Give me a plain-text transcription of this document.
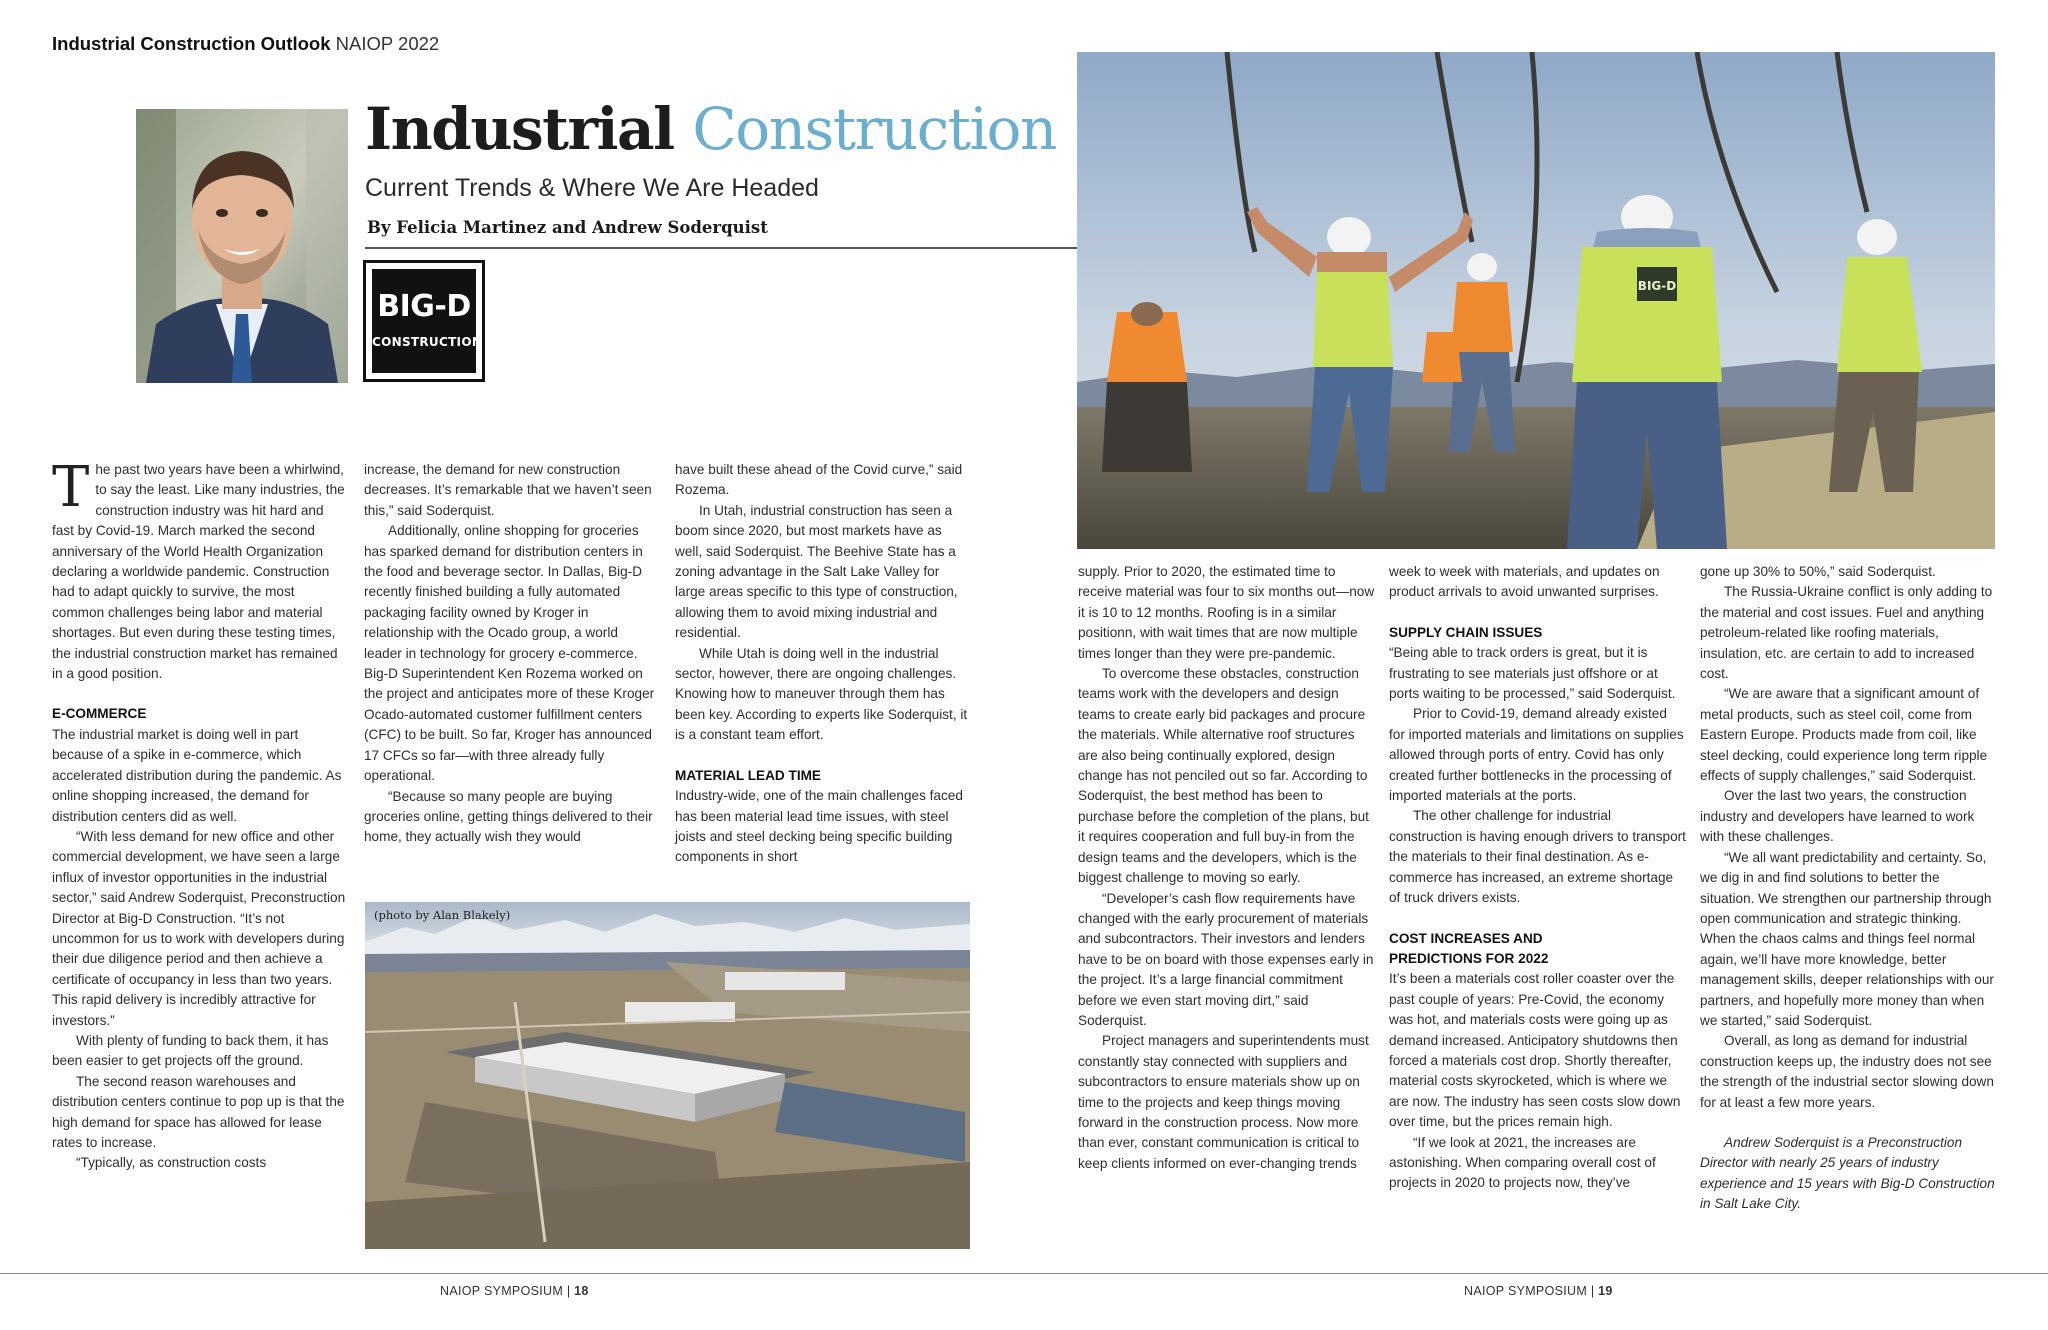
Industrial Construction Outlook NAIOP 2022
Industrial Construction
Current Trends & Where We Are Headed
By Felicia Martinez and Andrew Soderquist
BIG-D
CONSTRUCTION
BIG-D
(photo by Alan Blakely)

The past two years have been a whirlwind, to say the least. Like many industries, the construction industry was hit hard and fast by Covid-19. March marked the second anniversary of the World Health Organization declaring a worldwide pandemic. Construction had to adapt quickly to survive, the most common challenges being labor and material shortages. But even during these testing times, the industrial construction market has remained in a good position.

E-COMMERCE

The industrial market is doing well in part because of a spike in e-commerce, which accelerated distribution during the pandemic. As online shopping increased, the demand for distribution centers did as well.

“With less demand for new office and other commercial development, we have seen a large influx of investor opportunities in the industrial sector,” said Andrew Soderquist, Preconstruction Director at Big-D Construction. “It’s not uncommon for us to work with developers during their due diligence period and then achieve a certificate of occupancy in less than two years. This rapid delivery is incredibly attractive for investors.”

With plenty of funding to back them, it has been easier to get projects off the ground.

The second reason warehouses and distribution centers continue to pop up is that the high demand for space has allowed for lease rates to increase.

“Typically, as construction costs

increase, the demand for new construction decreases. It’s remarkable that we haven’t seen this,” said Soderquist.

Additionally, online shopping for groceries has sparked demand for distribution centers in the food and beverage sector. In Dallas, Big-D recently finished building a fully automated packaging facility owned by Kroger in relationship with the Ocado group, a world leader in technology for grocery e-commerce. Big-D Superintendent Ken Rozema worked on the project and anticipates more of these Kroger Ocado-automated customer fulfillment centers (CFC) to be built. So far, Kroger has announced 17 CFCs so far—with three already fully operational.

“Because so many people are buying groceries online, getting things delivered to their home, they actually wish they would

have built these ahead of the Covid curve,” said Rozema.

In Utah, industrial construction has seen a boom since 2020, but most markets have as well, said Soderquist. The Beehive State has a zoning advantage in the Salt Lake Valley for large areas specific to this type of construction, allowing them to avoid mixing industrial and residential.

While Utah is doing well in the industrial sector, however, there are ongoing challenges. Knowing how to maneuver through them has been key. According to experts like Soderquist, it is a constant team effort.

MATERIAL LEAD TIME

Industry-wide, one of the main challenges faced has been material lead time issues, with steel joists and steel decking being specific building components in short

supply. Prior to 2020, the estimated time to receive material was four to six months out—now it is 10 to 12 months. Roofing is in a similar positionn, with wait times that are now multiple times longer than they were pre-pandemic.

To overcome these obstacles, construction teams work with the developers and design teams to create early bid packages and procure the materials. While alternative roof structures are also being continually explored, design change has not penciled out so far. According to Soderquist, the best method has been to purchase before the completion of the plans, but it requires cooperation and full buy-in from the design teams and the developers, which is the biggest challenge to moving so early.

“Developer’s cash flow requirements have changed with the early procurement of materials and subcontractors. Their investors and lenders have to be on board with those expenses early in the project. It’s a large financial commitment before we even start moving dirt,” said Soderquist.

Project managers and superintendents must constantly stay connected with suppliers and subcontractors to ensure materials show up on time to the projects and keep things moving forward in the construction process. Now more than ever, constant communication is critical to keep clients informed on ever-changing trends

week to week with materials, and updates on product arrivals to avoid unwanted surprises.

SUPPLY CHAIN ISSUES

“Being able to track orders is great, but it is frustrating to see materials just offshore or at ports waiting to be processed,” said Soderquist.

Prior to Covid-19, demand already existed for imported materials and limitations on supplies allowed through ports of entry. Covid has only created further bottlenecks in the processing of imported materials at the ports.

The other challenge for industrial construction is having enough drivers to transport the materials to their final destination. As e-commerce has increased, an extreme shortage of truck drivers exists.

COST INCREASES AND
PREDICTIONS FOR 2022

It’s been a materials cost roller coaster over the past couple of years: Pre-Covid, the economy was hot, and materials costs were going up as demand increased. Anticipatory shutdowns then forced a materials cost drop. Shortly thereafter, material costs skyrocketed, which is where we are now. The industry has seen costs slow down over time, but the prices remain high.

“If we look at 2021, the increases are astonishing. When comparing overall cost of projects in 2020 to projects now, they’ve

gone up 30% to 50%,” said Soderquist.

The Russia-Ukraine conflict is only adding to the material and cost issues. Fuel and anything petroleum-related like roofing materials, insulation, etc. are certain to add to increased cost.

“We are aware that a significant amount of metal products, such as steel coil, come from Eastern Europe. Products made from coil, like steel decking, could experience long term ripple effects of supply challenges,” said Soderquist.

Over the last two years, the construction industry and developers have learned to work with these challenges.

“We all want predictability and certainty. So, we dig in and find solutions to better the situation. We strengthen our partnership through open communication and strategic thinking. When the chaos calms and things feel normal again, we’ll have more knowledge, better management skills, deeper relationships with our partners, and hopefully more money than when we started,” said Soderquist.

Overall, as long as demand for industrial construction keeps up, the industry does not see the strength of the industrial sector slowing down for at least a few more years.

Andrew Soderquist is a Preconstruction Director with nearly 25 years of industry experience and 15 years with Big-D Construction in Salt Lake City.

NAIOP SYMPOSIUM | 18	NAIOP SYMPOSIUM | 19
